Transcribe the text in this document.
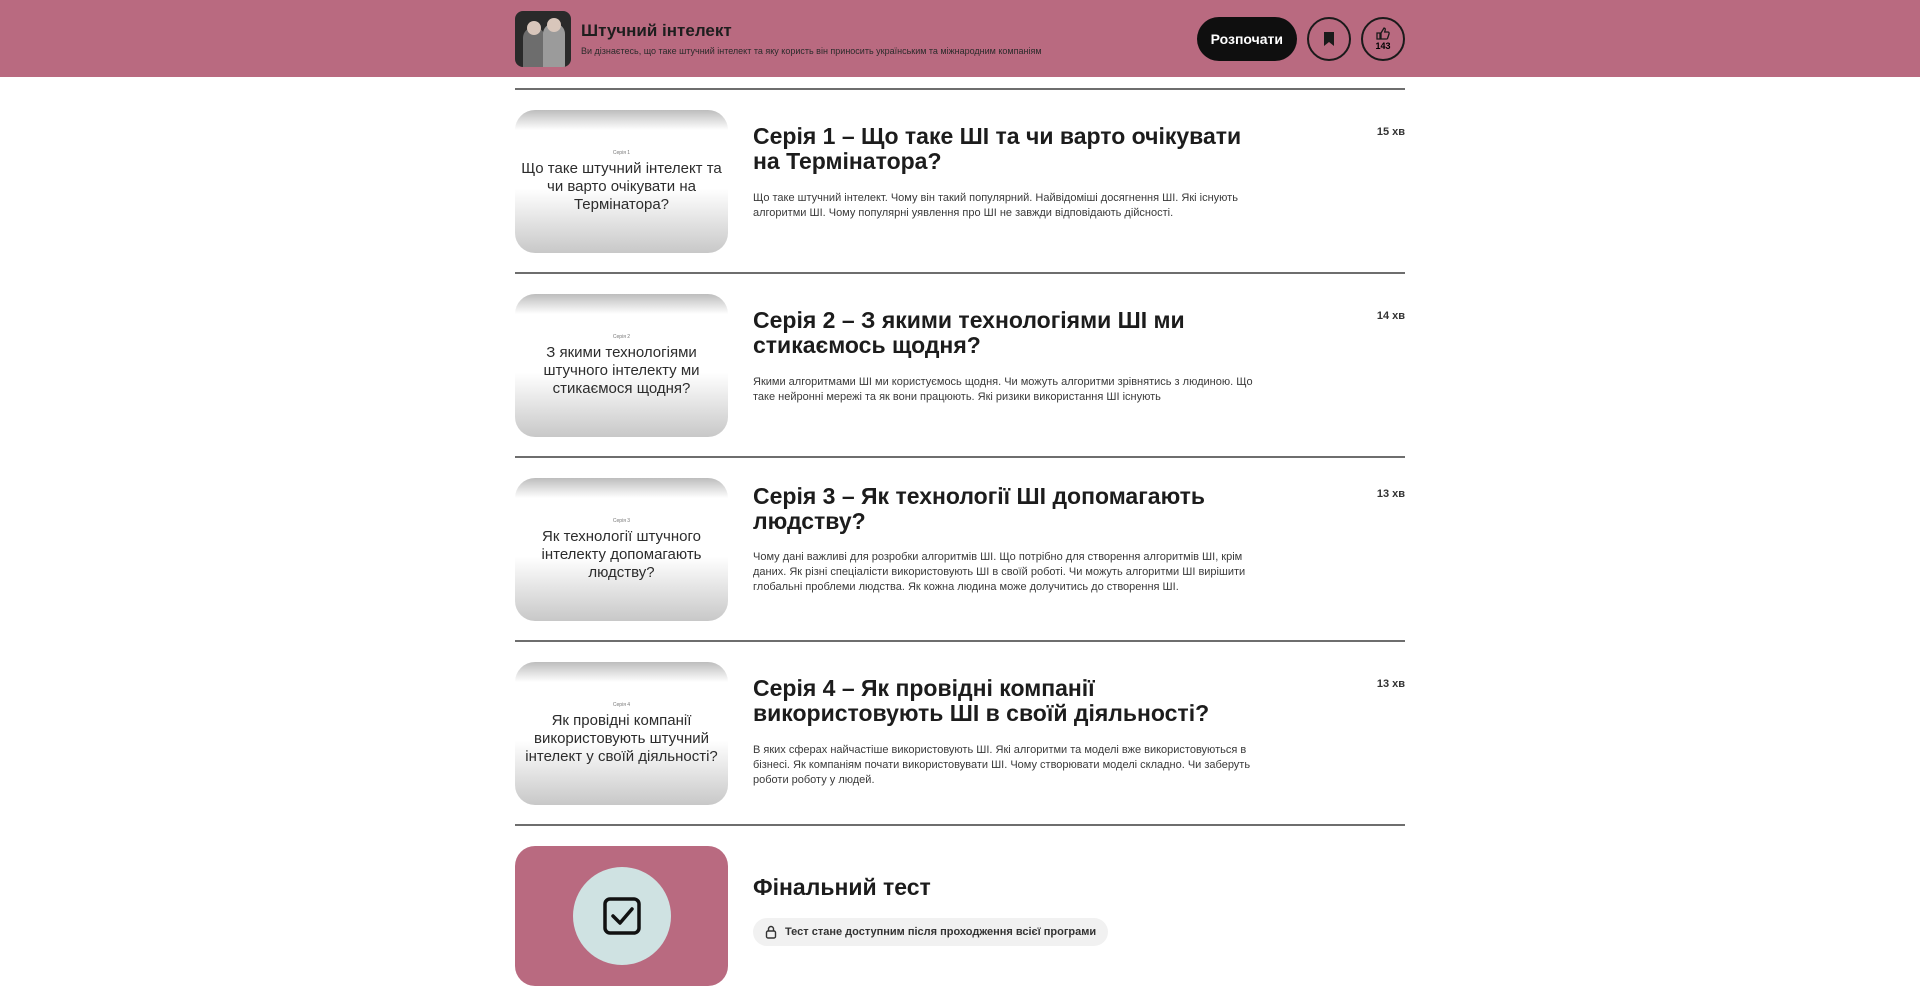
Штучний інтелект
Ви дізнаєтесь, що таке штучний інтелект та яку користь він приносить українським та міжнародним компаніям
Розпочати	143
Серія 1
Що таке штучний інтелект та чи варто очікувати на Термінатора?
Серія 1 – Що таке ШІ та чи варто очікувати на Термінатора?
Що таке штучний інтелект. Чому він такий популярний. Найвідоміші досягнення ШІ. Які існують алгоритми ШІ. Чому популярні уявлення про ШІ не завжди відповідають дійсності.
15 хв
Серія 2
З якими технологіями штучного інтелекту ми стикаємося щодня?
Серія 2 – З якими технологіями ШІ ми стикаємось щодня?
Якими алгоритмами ШІ ми користуємось щодня. Чи можуть алгоритми зрівнятись з людиною. Що таке нейронні мережі та як вони працюють. Які ризики використання ШІ існують
14 хв
Серія 3
Як технології штучного інтелекту допомагають людству?
Серія 3 – Як технології ШІ допомагають людству?
Чому дані важливі для розробки алгоритмів ШІ. Що потрібно для створення алгоритмів ШІ, крім даних. Як різні спеціалісти використовують ШІ в своїй роботі. Чи можуть алгоритми ШІ вирішити глобальні проблеми людства. Як кожна людина може долучитись до створення ШІ.
13 хв
Серія 4
Як провідні компанії використовують штучний інтелект у своїй діяльності?
Серія 4 – Як провідні компанії використовують ШІ в своїй діяльності?
В яких сферах найчастіше використовують ШІ. Які алгоритми та моделі вже використовуються в бізнесі. Як компаніям почати використовувати ШІ. Чому створювати моделі складно. Чи заберуть роботи роботу у людей.
13 хв
Фінальний тест
Тест стане доступним після проходження всієї програми
